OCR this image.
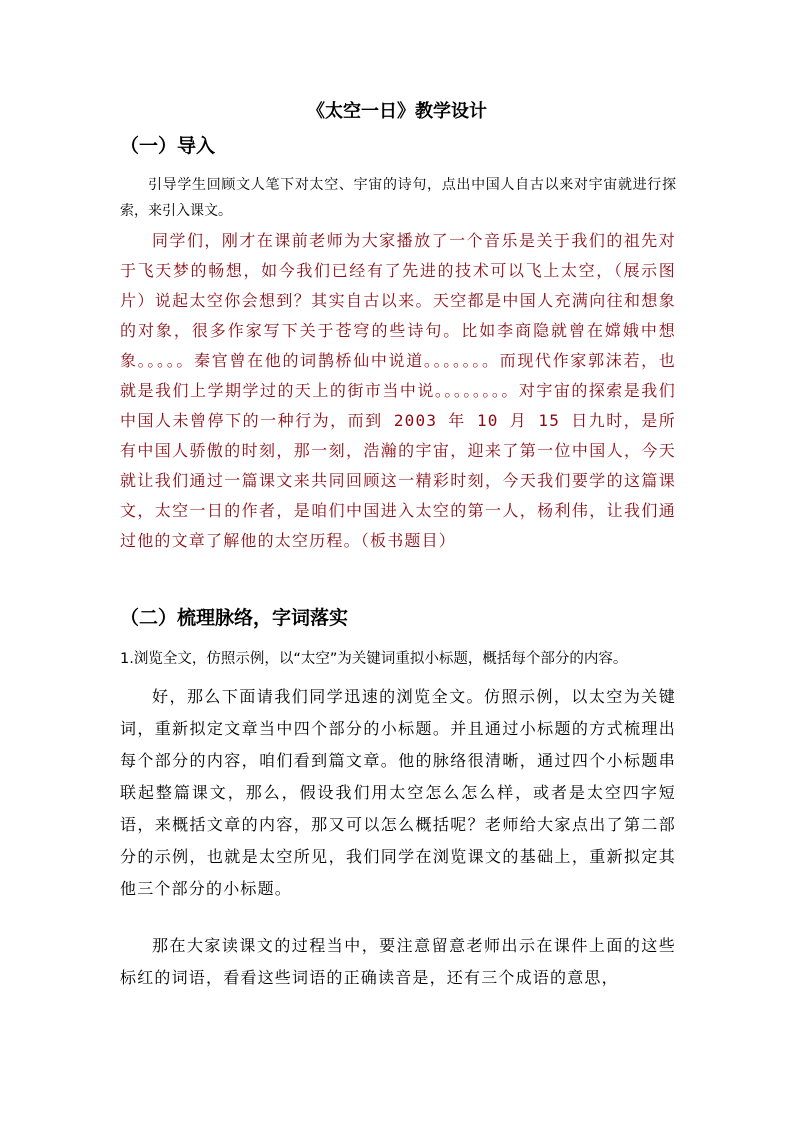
《太空一日》教学设计
（一）导入

引导学生回顾文人笔下对太空、宇宙的诗句，点出中国人自古以来对宇宙就进行探索，来引入课文。

同学们，刚才在课前老师为大家播放了一个音乐是关于我们的祖先对于飞天梦的畅想，如今我们已经有了先进的技术可以飞上太空，（展示图片）说起太空你会想到？其实自古以来。天空都是中国人充满向往和想象的对象，很多作家写下关于苍穹的些诗句。比如李商隐就曾在嫦娥中想象。。。。。秦官曾在他的词鹊桥仙中说道。。。。。。。而现代作家郭沫若，也就是我们上学期学过的天上的街市当中说。。。。。。。。对宇宙的探索是我们中国人未曾停下的一种行为，而到 2003 年 10 月 15 日九时，是所有中国人骄傲的时刻，那一刻，浩瀚的宇宙，迎来了第一位中国人，今天就让我们通过一篇课文来共同回顾这一精彩时刻，今天我们要学的这篇课文，太空一日的作者，是咱们中国进入太空的第一人，杨利伟，让我们通过他的文章了解他的太空历程。（板书题目）

（二）梳理脉络，字词落实

1.浏览全文，仿照示例，以“太空”为关键词重拟小标题，概括每个部分的内容。

好，那么下面请我们同学迅速的浏览全文。仿照示例，以太空为关键词，重新拟定文章当中四个部分的小标题。并且通过小标题的方式梳理出每个部分的内容，咱们看到篇文章。他的脉络很清晰，通过四个小标题串联起整篇课文，那么，假设我们用太空怎么怎么样，或者是太空四字短语，来概括文章的内容，那又可以怎么概括呢？老师给大家点出了第二部分的示例，也就是太空所见，我们同学在浏览课文的基础上，重新拟定其他三个部分的小标题。

那在大家读课文的过程当中，要注意留意老师出示在课件上面的这些标红的词语，看看这些词语的正确读音是，还有三个成语的意思，
